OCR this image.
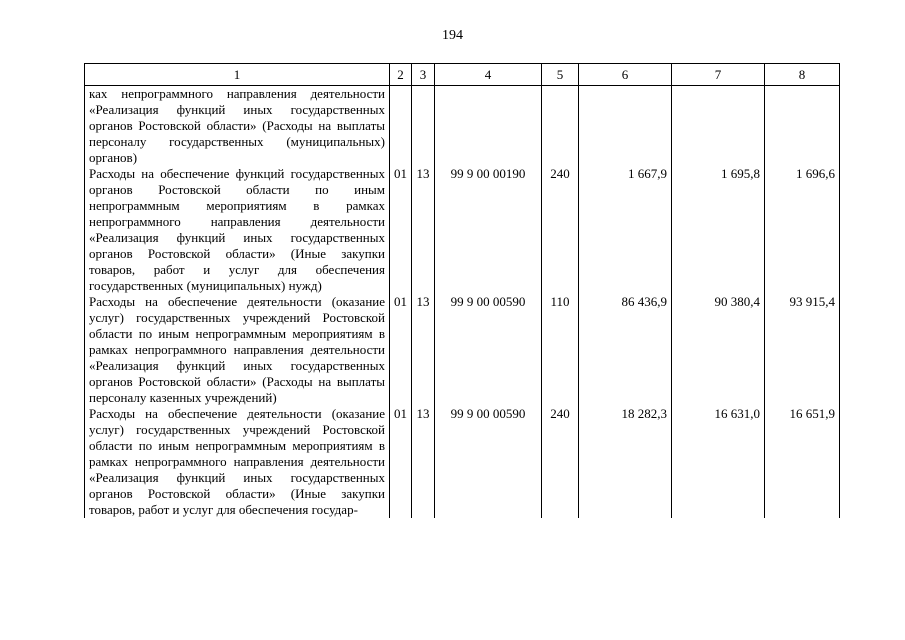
194
1	2	3	4	5	6	7	8
ках непрограммного направления деятельности «Реализация функций иных государственных органов Ростовской области» (Расходы на выплаты персоналу государственных (муниципальных) органов)							
Расходы на обеспечение функций государственных органов Ростовской области по иным непрограммным мероприятиям в рамках непрограммного направления деятельности «Реализация функций иных государственных органов Ростовской области» (Иные закупки товаров, работ и услуг для обеспечения государственных (муниципальных) нужд)	01	13	99 9 00 00190	240	1 667,9	1 695,8	1 696,6
Расходы на обеспечение деятельности (оказание услуг) государственных учреждений Ростовской области по иным непрограммным мероприятиям в рамках непрограммного направления деятельности «Реализация функций иных государственных органов Ростовской области» (Расходы на выплаты персоналу казенных учреждений)	01	13	99 9 00 00590	110	86 436,9	90 380,4	93 915,4
Расходы на обеспечение деятельности (оказание услуг) государственных учреждений Ростовской области по иным непрограммным мероприятиям в рамках непрограммного направления деятельности «Реализация функций иных государственных органов Ростовской области» (Иные закупки товаров, работ и услуг для обеспечения государ-	01	13	99 9 00 00590	240	18 282,3	16 631,0	16 651,9
